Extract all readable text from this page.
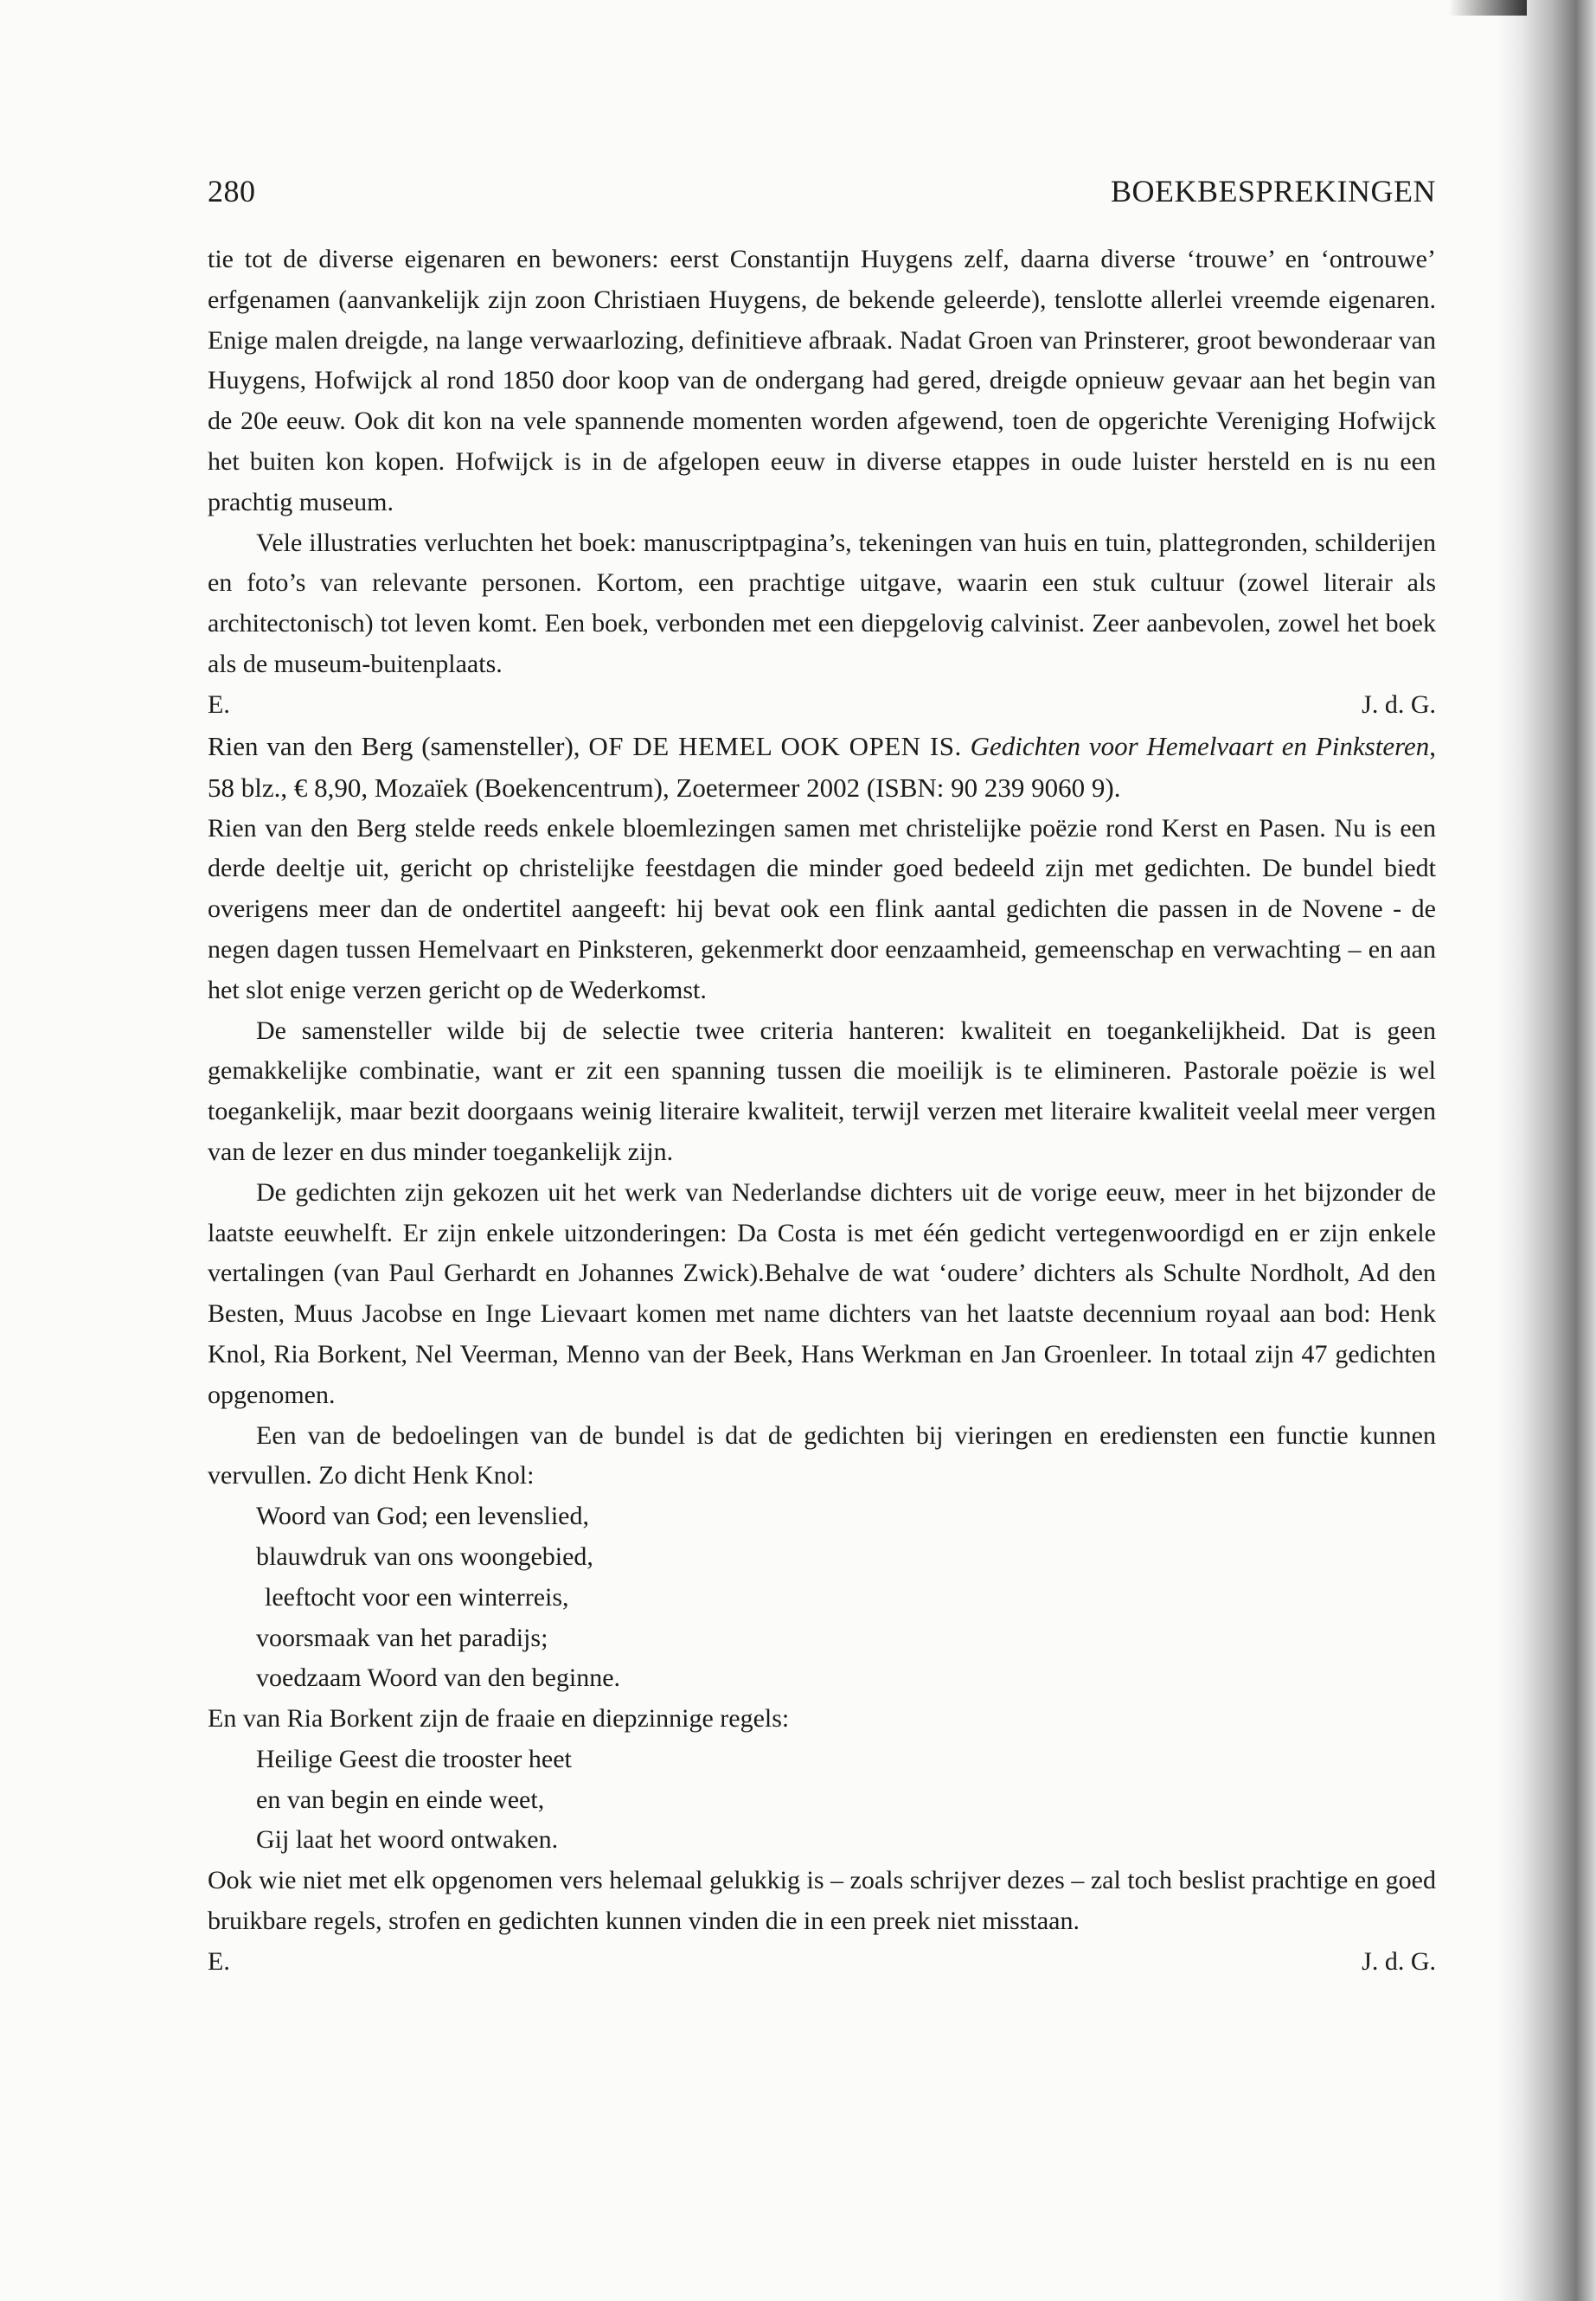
280	BOEKBESPREKINGEN

tie tot de diverse eigenaren en bewoners: eerst Constantijn Huygens zelf, daarna diverse ‘trouwe’ en ‘ontrouwe’ erfgenamen (aanvankelijk zijn zoon Christiaen Huygens, de bekende geleerde), tenslotte allerlei vreemde eigenaren. Enige malen dreigde, na lange verwaarlozing, definitieve afbraak. Nadat Groen van Prinsterer, groot bewonderaar van Huygens, Hofwijck al rond 1850 door koop van de ondergang had gered, dreigde opnieuw gevaar aan het begin van de 20e eeuw. Ook dit kon na vele spannende momenten worden afgewend, toen de opgerichte Vereniging Hofwijck het buiten kon kopen. Hofwijck is in de afgelopen eeuw in diverse etappes in oude luister hersteld en is nu een prachtig museum.

Vele illustraties verluchten het boek: manuscriptpagina’s, tekeningen van huis en tuin, plattegronden, schilderijen en foto’s van relevante personen. Kortom, een prachtige uitgave, waarin een stuk cultuur (zowel literair als architectonisch) tot leven komt. Een boek, verbonden met een diepgelovig calvinist. Zeer aanbevolen, zowel het boek als de museum-buitenplaats.

E.	J. d. G.

Rien van den Berg (samensteller), OF DE HEMEL OOK OPEN IS. Gedichten voor Hemelvaart en Pinksteren, 58 blz., € 8,90, Mozaïek (Boekencentrum), Zoetermeer 2002 (ISBN: 90 239 9060 9).

Rien van den Berg stelde reeds enkele bloemlezingen samen met christelijke poëzie rond Kerst en Pasen. Nu is een derde deeltje uit, gericht op christelijke feestdagen die minder goed bedeeld zijn met gedichten. De bundel biedt overigens meer dan de ondertitel aangeeft: hij bevat ook een flink aantal gedichten die passen in de Novene - de negen dagen tussen Hemelvaart en Pinksteren, gekenmerkt door eenzaamheid, gemeenschap en verwachting – en aan het slot enige verzen gericht op de Wederkomst.

De samensteller wilde bij de selectie twee criteria hanteren: kwaliteit en toegankelijkheid. Dat is geen gemakkelijke combinatie, want er zit een spanning tussen die moeilijk is te elimineren. Pastorale poëzie is wel toegankelijk, maar bezit doorgaans weinig literaire kwaliteit, terwijl verzen met literaire kwaliteit veelal meer vergen van de lezer en dus minder toegankelijk zijn.

De gedichten zijn gekozen uit het werk van Nederlandse dichters uit de vorige eeuw, meer in het bijzonder de laatste eeuwhelft. Er zijn enkele uitzonderingen: Da Costa is met één gedicht vertegenwoordigd en er zijn enkele vertalingen (van Paul Gerhardt en Johannes Zwick).Behalve de wat ‘oudere’ dichters als Schulte Nordholt, Ad den Besten, Muus Jacobse en Inge Lievaart komen met name dichters van het laatste decennium royaal aan bod: Henk Knol, Ria Borkent, Nel Veerman, Menno van der Beek, Hans Werkman en Jan Groenleer. In totaal zijn 47 gedichten opgenomen.

Een van de bedoelingen van de bundel is dat de gedichten bij vieringen en erediensten een functie kunnen vervullen. Zo dicht Henk Knol:

Woord van God; een levenslied,
blauwdruk van ons woongebied,
leeftocht voor een winterreis,
voorsmaak van het paradijs;
voedzaam Woord van den beginne.

En van Ria Borkent zijn de fraaie en diepzinnige regels:

Heilige Geest die trooster heet
en van begin en einde weet,
Gij laat het woord ontwaken.

Ook wie niet met elk opgenomen vers helemaal gelukkig is – zoals schrijver dezes – zal toch beslist prachtige en goed bruikbare regels, strofen en gedichten kunnen vinden die in een preek niet misstaan.

E.	J. d. G.
